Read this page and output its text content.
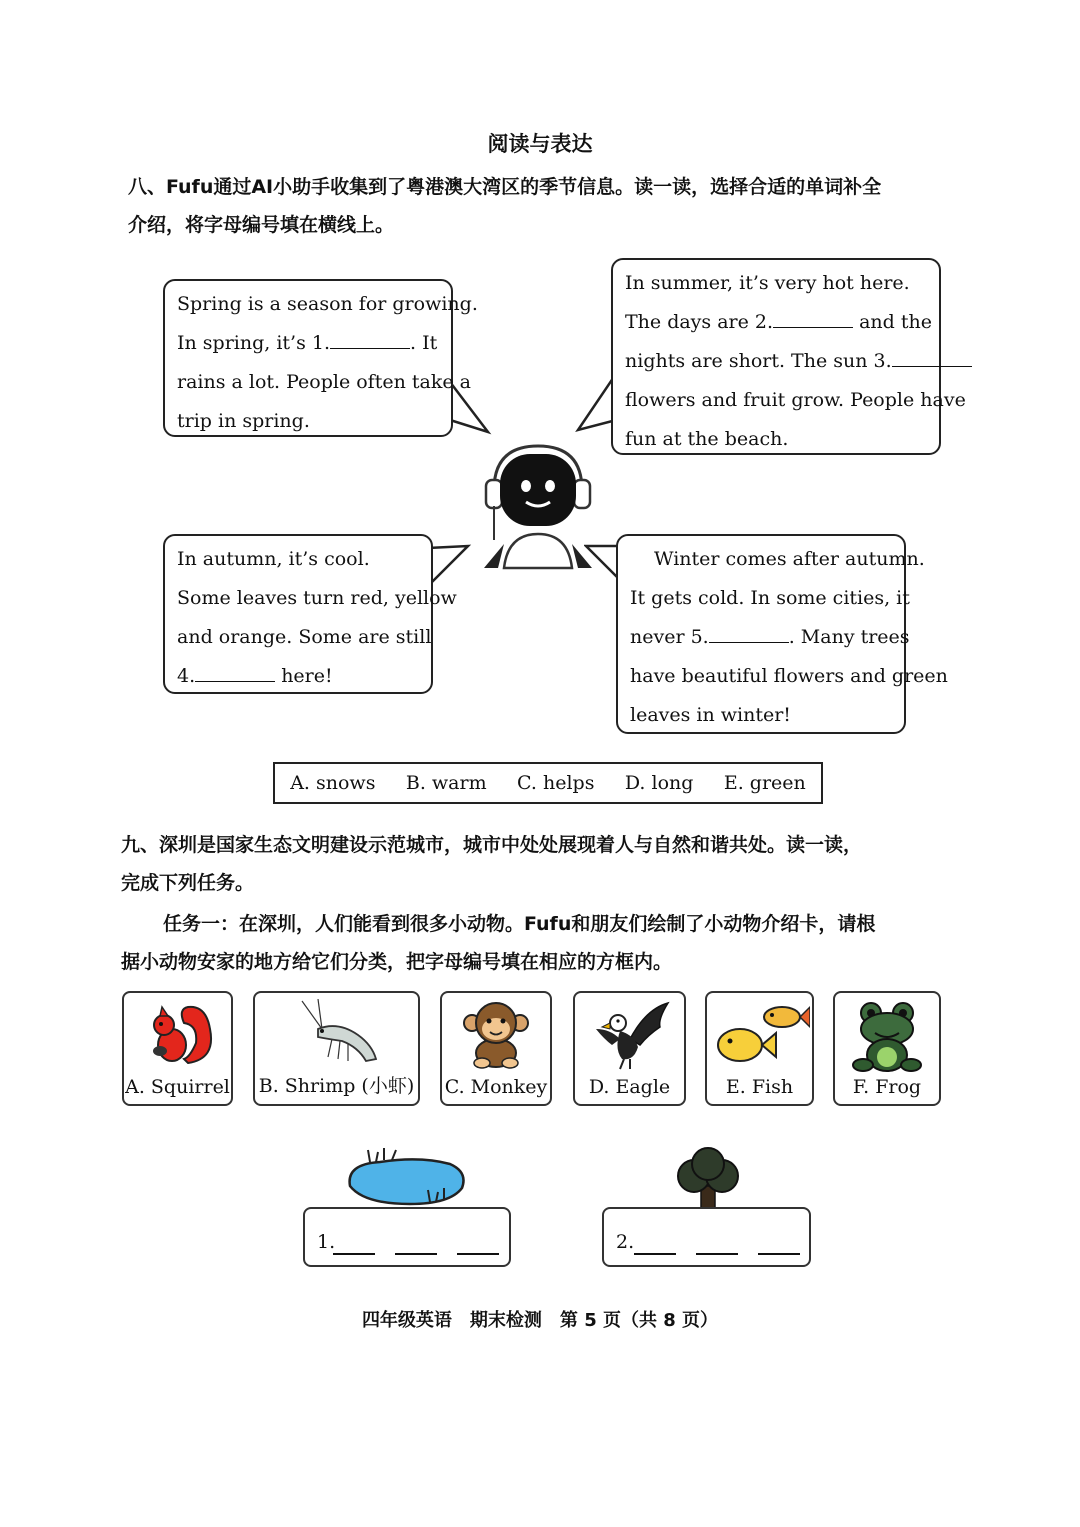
阅读与表达
八、Fufu通过AI小助手收集到了粤港澳大湾区的季节信息。读一读，选择合适的单词补全
介绍，将字母编号填在横线上。

Spring is a season for growing.

In spring, it’s 1.	. It

rains a lot. People often take a

trip in spring.

In summer, it’s very hot here.

The days are 2.	and the

nights are short. The sun 3.

flowers and fruit grow. People have

fun at the beach.

In autumn, it’s cool.

Some leaves turn red, yellow

and orange. Some are still

4.	here!

Winter comes after autumn.

It gets cold. In some cities, it

never 5.	. Many trees

have beautiful flowers and green

leaves in winter!

A. snows B. warm C. helps D. long E. green
九、深圳是国家生态文明建设示范城市，城市中处处展现着人与自然和谐共处。读一读，
完成下列任务。
任务一：在深圳，人们能看到很多小动物。Fufu和朋友们绘制了小动物介绍卡，请根
据小动物安家的地方给它们分类，把字母编号填在相应的方框内。
A. Squirrel B. Shrimp (小虾) C. Monkey	D. Eagle	E. Fish	F. Frog
1.	2.
四年级英语　期末检测　第 5 页（共 8 页）
